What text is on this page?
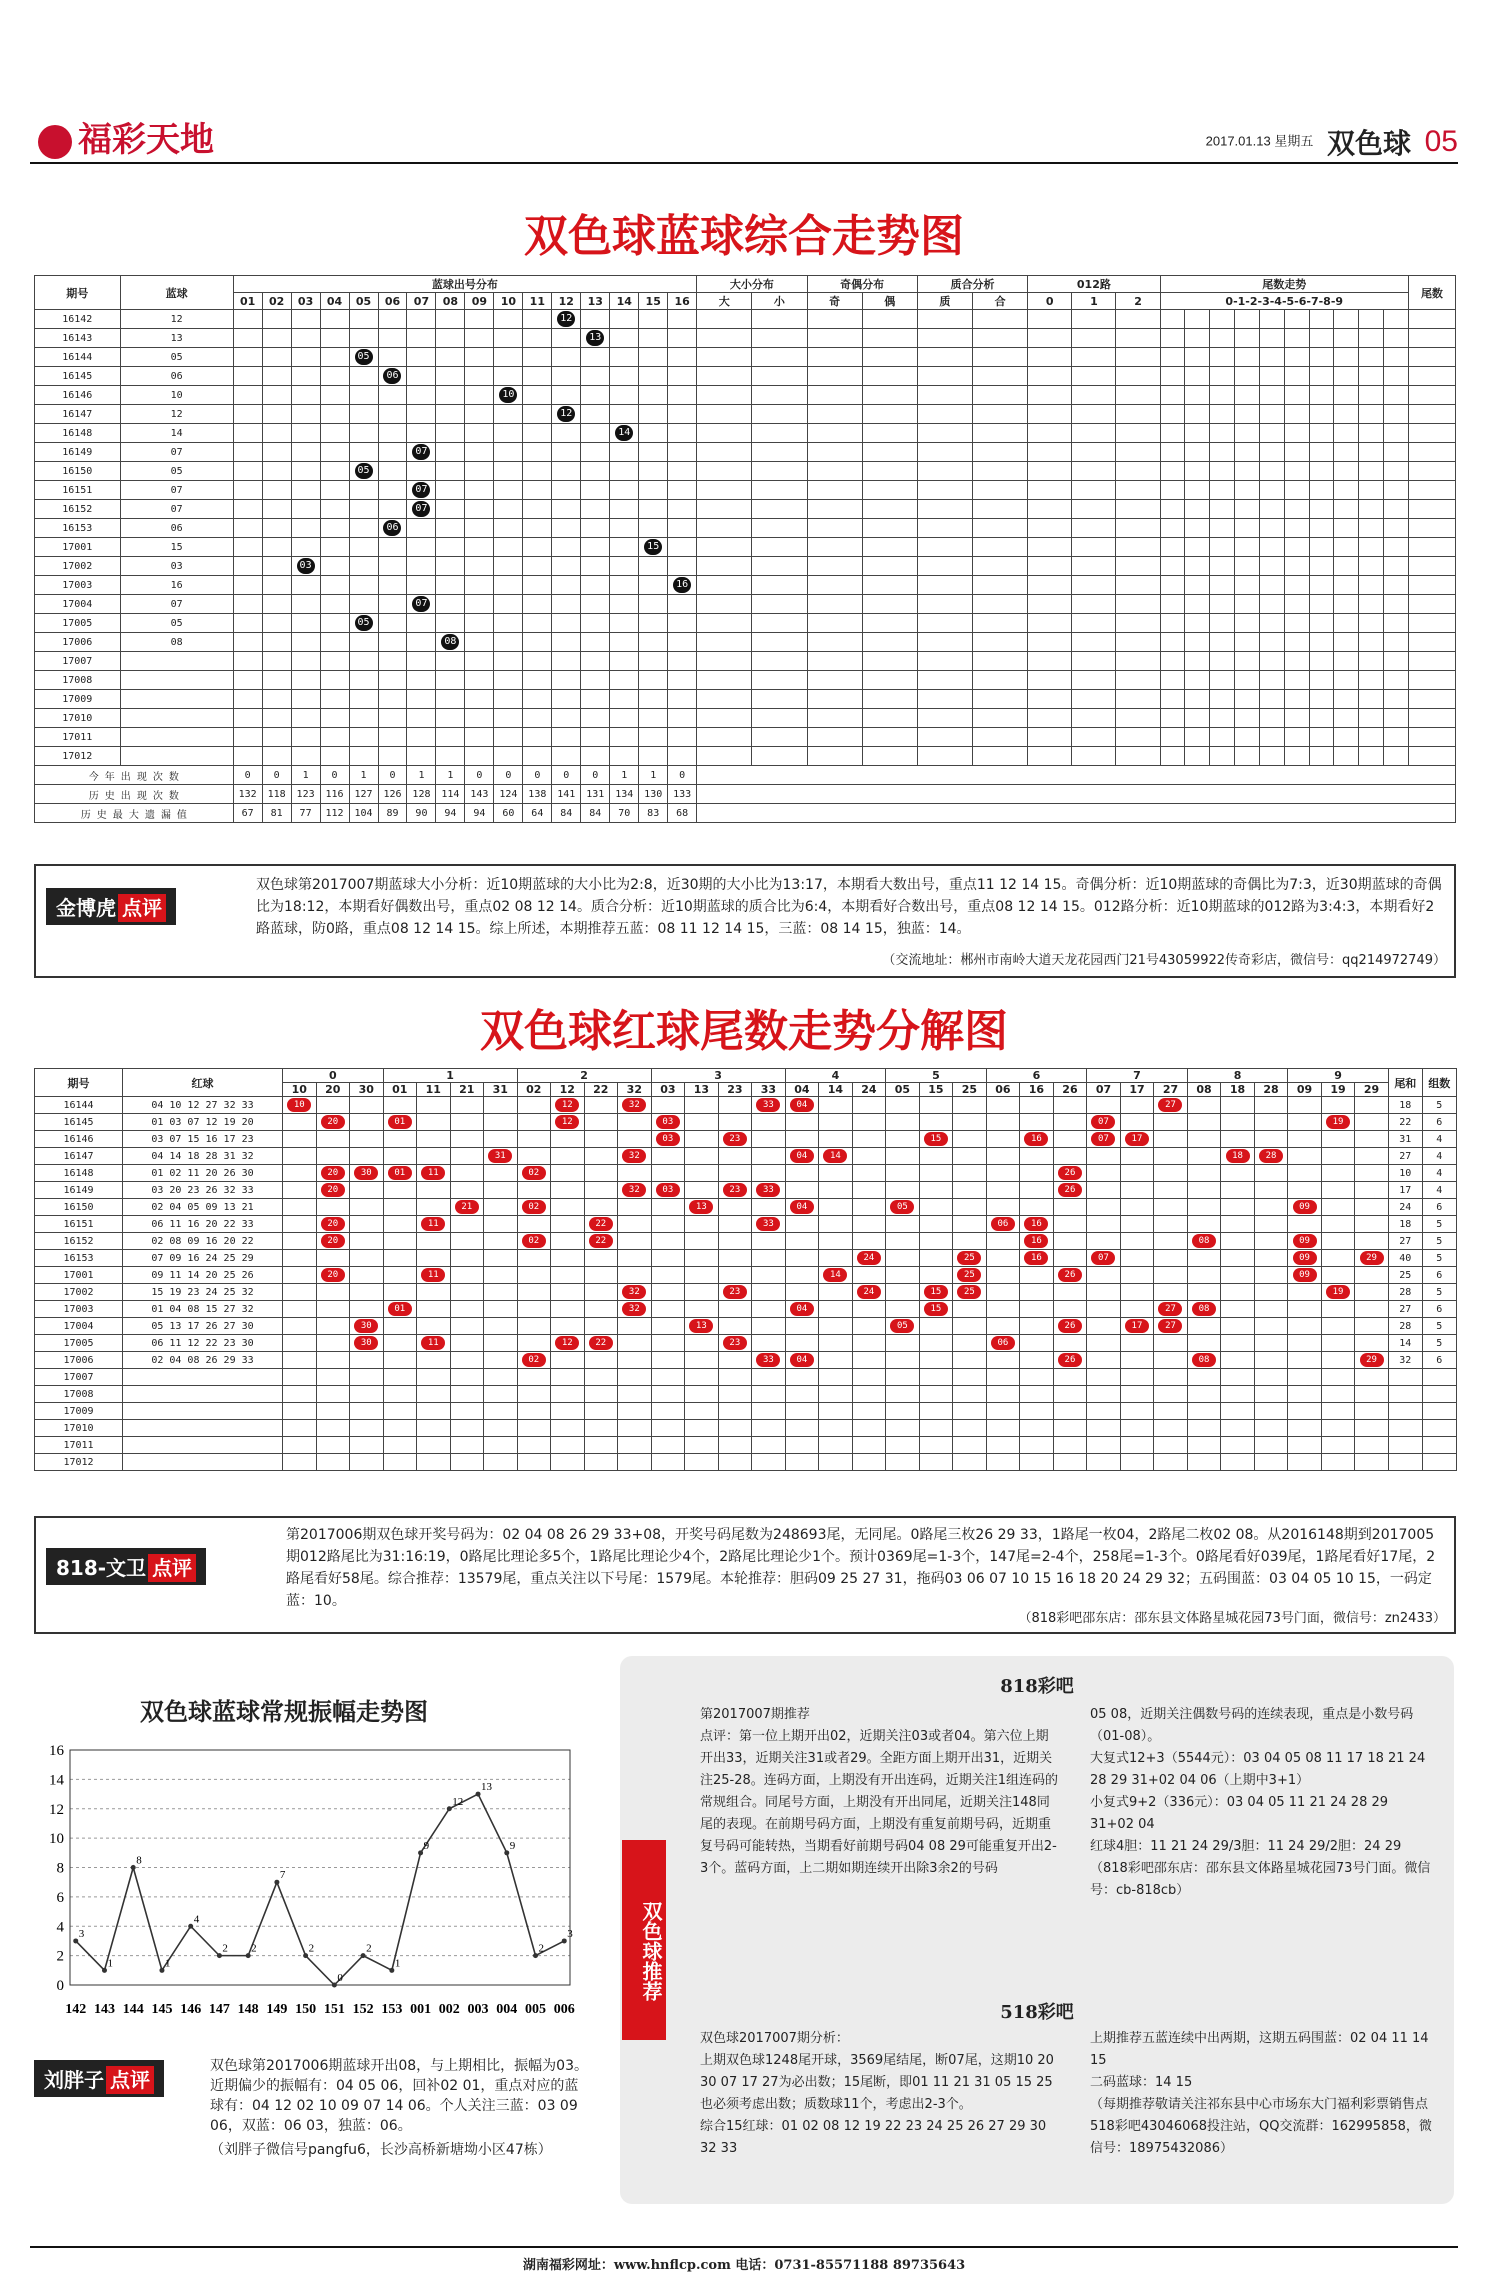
福彩天地	2017.01.13 星期五 双色球 05
双色球蓝球综合走势图
期号	蓝球	蓝球出号分布																大小分布		奇偶分布		质合分析		012路			尾数走势										尾数
		01	02	03	04	05	06	07	08	09	10	11	12	13	14	15	16	大	小	奇	偶	质	合	0	1	2	0-1-2-3-4-5-6-7-8-9										
16142	12												12																								
16143	13													13																							
16144	05					05																															
16145	06						06																														
16146	10										10																										
16147	12												12																								
16148	14														14																						
16149	07							07																													
16150	05					05																															
16151	07							07																													
16152	07							07																													
16153	06						06																														
17001	15															15																					
17002	03			03																																	
17003	16																16																				
17004	07							07																													
17005	05					05																															
17006	08								08																												
17007																																					
17008																																					
17009																																					
17010																																					
17011																																					
17012																																					
今 年 出 现 次 数		0	0	1	0	1	0	1	1	0	0	0	0	0	1	1	0																				
历 史 出 现 次 数		132	118	123	116	127	126	128	114	143	124	138	141	131	134	130	133																				
历 史 最 大 遗 漏 值		67	81	77	112	104	89	90	94	94	60	64	84	84	70	83	68																				
金博虎 点评
双色球第2017007期蓝球大小分析：近10期蓝球的大小比为2:8，近30期的大小比为13:17，本期看大数出号，重点11 12 14 15。奇偶分析：近10期蓝球的奇偶比为7:3，近30期蓝球的奇偶比为18:12，本期看好偶数出号，重点02 08 12 14。质合分析：近10期蓝球的质合比为6:4，本期看好合数出号，重点08 12 14 15。012路分析：近10期蓝球的012路为3:4:3，本期看好2路蓝球，防0路，重点08 12 14 15。综上所述，本期推荐五蓝：08 11 12 14 15，三蓝：08 14 15，独蓝：14。
（交流地址：郴州市南岭大道天龙花园西门21号43059922传奇彩店，微信号：qq214972749）
双色球红球尾数走势分解图
期号	红球	0			1				2				3				4			5			6			7			8			9			尾和	组数
		10	20	30	01	11	21	31	02	12	22	32	03	13	23	33	04	14	24	05	15	25	06	16	26	07	17	27	08	18	28	09	19	29		
16144	04 10 12 27 32 33	10								12		32				33	04											27							18	5
16145	01 03 07 12 19 20		20		01					12			03													07							19		22	6
16146	03 07 15 16 17 23												03		23						15			16		07	17								31	4
16147	04 14 18 28 31 32							31				32					04	14												18	28				27	4
16148	01 02 11 20 26 30		20	30	01	11			02																26										10	4
16149	03 20 23 26 32 33		20									32	03		23	33									26										17	4
16150	02 04 05 09 13 21						21		02					13			04			05												09			24	6
16151	06 11 16 20 22 33		20			11					22					33							06	16											18	5
16152	02 08 09 16 20 22		20						02		22													16					08			09			27	5
16153	07 09 16 24 25 29																		24			25		16		07						09		29	40	5
17001	09 11 14 20 25 26		20			11												14				25			26							09			25	6
17002	15 19 23 24 25 32											32			23				24		15	25											19		28	5
17003	01 04 08 15 27 32				01							32					04				15							27	08						27	6
17004	05 13 17 26 27 30			30										13						05					26		17	27							28	5
17005	06 11 12 22 23 30			30		11				12	22				23								06												14	5
17006	02 04 08 26 29 33								02							33	04								26				08					29	32	6
17007																																				
17008																																				
17009																																				
17010																																				
17011																																				
17012																																				
818-文卫 点评
第2017006期双色球开奖号码为：02 04 08 26 29 33+08，开奖号码尾数为248693尾，无同尾。0路尾三枚26 29 33，1路尾一枚04，2路尾二枚02 08。从2016148期到2017005期012路尾比为31:16:19，0路尾比理论多5个，1路尾比理论少4个，2路尾比理论少1个。预计0369尾=1-3个，147尾=2-4个，258尾=1-3个。0路尾看好039尾，1路尾看好17尾，2路尾看好58尾。综合推荐：13579尾，重点关注以下号尾：1579尾。本轮推荐：胆码09 25 27 31，拖码03 06 07 10 15 16 18 20 24 29 32；五码围蓝：03 04 05 10 15，一码定蓝：10。
（818彩吧邵东店：邵东县文体路星城花园73号门面，微信号：zn2433）
双色球蓝球常规振幅走势图
16
14
12
10
8
6
4
2
0
3
142
1
143
8
144
1
145
4
146
2
147
2
148
7
149
2
150
0
151
2
152
1
153
9
001
12
002
13
003
9
004
2
005
3
006
刘胖子 点评
双色球第2017006期蓝球开出08，与上期相比，振幅为03。近期偏少的振幅有：04 05 06，回补02 01，重点对应的蓝球有：04 12 02 10 09 07 14 06。个人关注三蓝：03 09 06，双蓝：06 03，独蓝：06。
（刘胖子微信号pangfu6，长沙高桥新塘坳小区47栋）
818彩吧
第2017007期推荐
点评：第一位上期开出02，近期关注03或者04。第六位上期开出33，近期关注31或者29。全距方面上期开出31，近期关注25-28。连码方面，上期没有开出连码，近期关注1组连码的常规组合。同尾号方面，上期没有开出同尾，近期关注148同尾的表现。在前期号码方面，上期没有重复前期号码，近期重复号码可能转热，当期看好前期号码04 08 29可能重复开出2-3个。蓝码方面，上二期如期连续开出除3余2的号码
05 08，近期关注偶数号码的连续表现，重点是小数号码（01-08）。
大复式12+3（5544元）：03 04 05 08 11 17 18 21 24 28 29 31+02 04 06（上期中3+1）
小复式9+2（336元）：03 04 05 11 21 24 28 29 31+02 04
红球4胆：11 21 24 29/3胆：11 24 29/2胆：24 29
（818彩吧邵东店：邵东县文体路星城花园73号门面。微信号：cb-818cb）
518彩吧
双色球2017007期分析：
上期双色球1248尾开球，3569尾结尾，断07尾，这期10 20 30 07 17 27为必出数；15尾断，即01 11 21 31 05 15 25也必须考虑出数；质数球11个，考虑出2-3个。
综合15红球：01 02 08 12 19 22 23 24 25 26 27 29 30 32 33
上期推荐五蓝连续中出两期，这期五码围蓝：02 04 11 14 15
二码蓝球：14 15
（每期推荐敬请关注祁东县中心市场东大门福利彩票销售点518彩吧43046068投注站，QQ交流群：162995858，微信号：18975432086）
双色球推荐
湖南福彩网址：www.hnflcp.com 电话：0731-85571188 89735643
